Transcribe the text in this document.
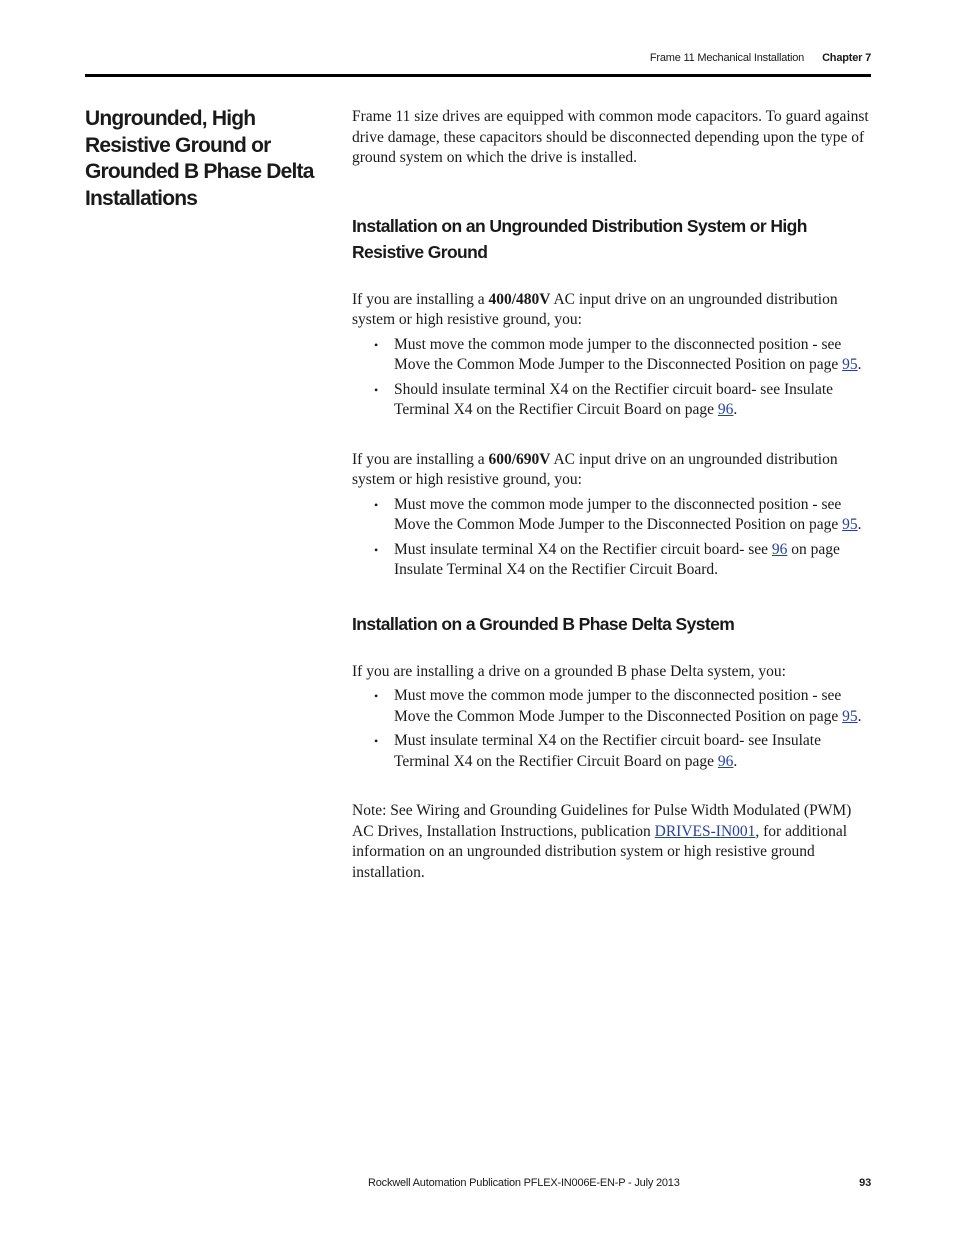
Frame 11 Mechanical Installation Chapter 7
Ungrounded, High Resistive Ground or Grounded B Phase Delta Installations

Frame 11 size drives are equipped with common mode capacitors. To guard against drive damage, these capacitors should be disconnected depending upon the type of ground system on which the drive is installed.

Installation on an Ungrounded Distribution System or High Resistive Ground

If you are installing a 400/480V AC input drive on an ungrounded distribution system or high resistive ground, you:

• Must move the common mode jumper to the disconnected position - see Move the Common Mode Jumper to the Disconnected Position on page 95.
• Should insulate terminal X4 on the Rectifier circuit board- see Insulate Terminal X4 on the Rectifier Circuit Board on page 96.

If you are installing a 600/690V AC input drive on an ungrounded distribution system or high resistive ground, you:

• Must move the common mode jumper to the disconnected position - see Move the Common Mode Jumper to the Disconnected Position on page 95.
• Must insulate terminal X4 on the Rectifier circuit board- see 96 on page Insulate Terminal X4 on the Rectifier Circuit Board.
Installation on a Grounded B Phase Delta System

If you are installing a drive on a grounded B phase Delta system, you:

• Must move the common mode jumper to the disconnected position - see Move the Common Mode Jumper to the Disconnected Position on page 95.
• Must insulate terminal X4 on the Rectifier circuit board- see Insulate Terminal X4 on the Rectifier Circuit Board on page 96.

Note: See Wiring and Grounding Guidelines for Pulse Width Modulated (PWM) AC Drives, Installation Instructions, publication DRIVES-IN001, for additional information on an ungrounded distribution system or high resistive ground installation.

Rockwell Automation Publication PFLEX-IN006E-EN-P - July 2013	93
